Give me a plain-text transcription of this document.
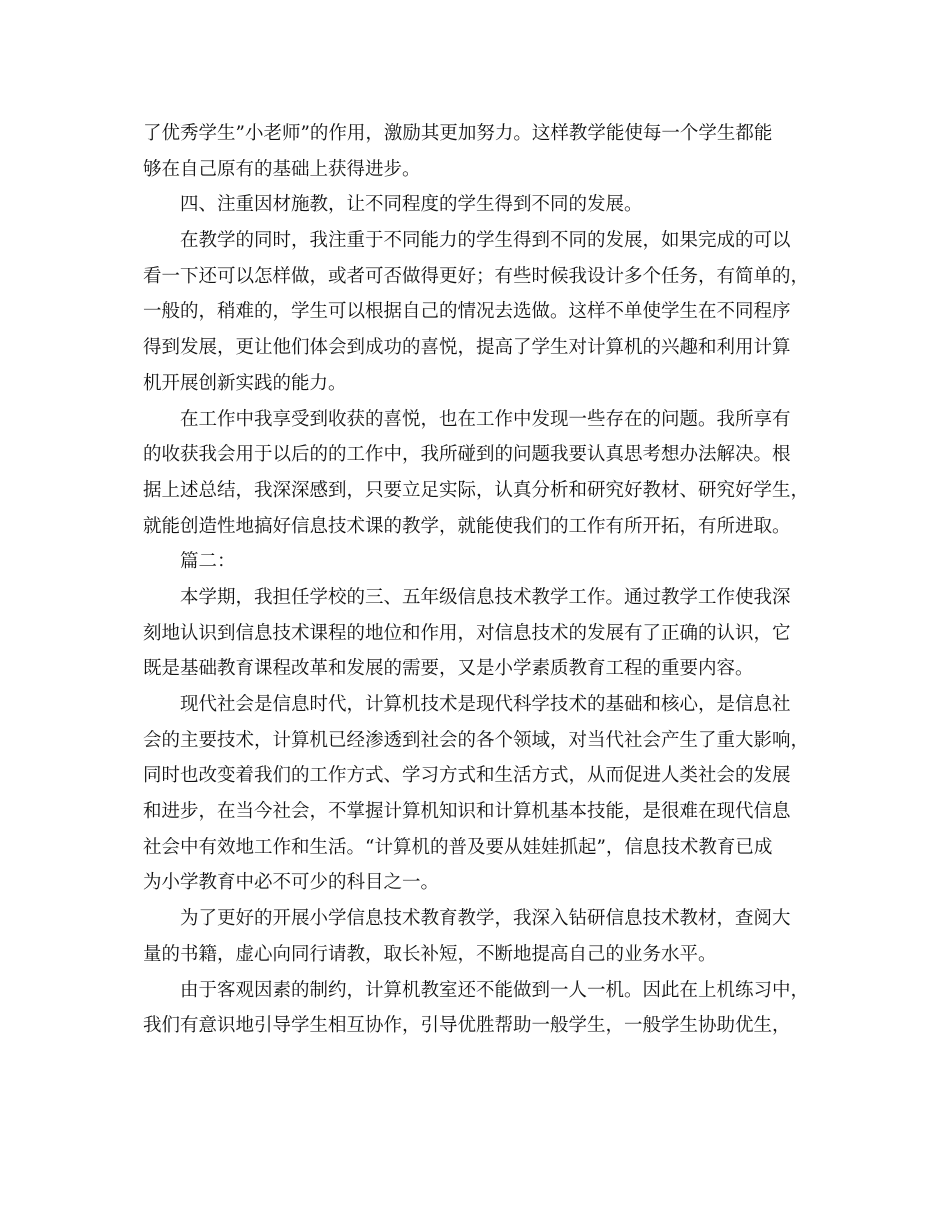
了优秀学生”小老师”的作用，激励其更加努力。这样教学能使每一个学生都能
够在自己原有的基础上获得进步。
四、注重因材施教，让不同程度的学生得到不同的发展。
在教学的同时，我注重于不同能力的学生得到不同的发展，如果完成的可以
看一下还可以怎样做，或者可否做得更好；有些时候我设计多个任务，有简单的，
一般的，稍难的，学生可以根据自己的情况去选做。这样不单使学生在不同程序
得到发展，更让他们体会到成功的喜悦，提高了学生对计算机的兴趣和利用计算
机开展创新实践的能力。
在工作中我享受到收获的喜悦，也在工作中发现一些存在的问题。我所享有
的收获我会用于以后的的工作中，我所碰到的问题我要认真思考想办法解决。根
据上述总结，我深深感到，只要立足实际，认真分析和研究好教材、研究好学生，
就能创造性地搞好信息技术课的教学，就能使我们的工作有所开拓，有所进取。
篇二：
本学期，我担任学校的三、五年级信息技术教学工作。通过教学工作使我深
刻地认识到信息技术课程的地位和作用，对信息技术的发展有了正确的认识，它
既是基础教育课程改革和发展的需要，又是小学素质教育工程的重要内容。
现代社会是信息时代，计算机技术是现代科学技术的基础和核心，是信息社
会的主要技术，计算机已经渗透到社会的各个领域，对当代社会产生了重大影响，
同时也改变着我们的工作方式、学习方式和生活方式，从而促进人类社会的发展
和进步，在当今社会，不掌握计算机知识和计算机基本技能，是很难在现代信息
社会中有效地工作和生活。“计算机的普及要从娃娃抓起”，信息技术教育已成
为小学教育中必不可少的科目之一。
为了更好的开展小学信息技术教育教学，我深入钻研信息技术教材，查阅大
量的书籍，虚心向同行请教，取长补短，不断地提高自己的业务水平。
由于客观因素的制约，计算机教室还不能做到一人一机。因此在上机练习中，
我们有意识地引导学生相互协作，引导优胜帮助一般学生，一般学生协助优生，
